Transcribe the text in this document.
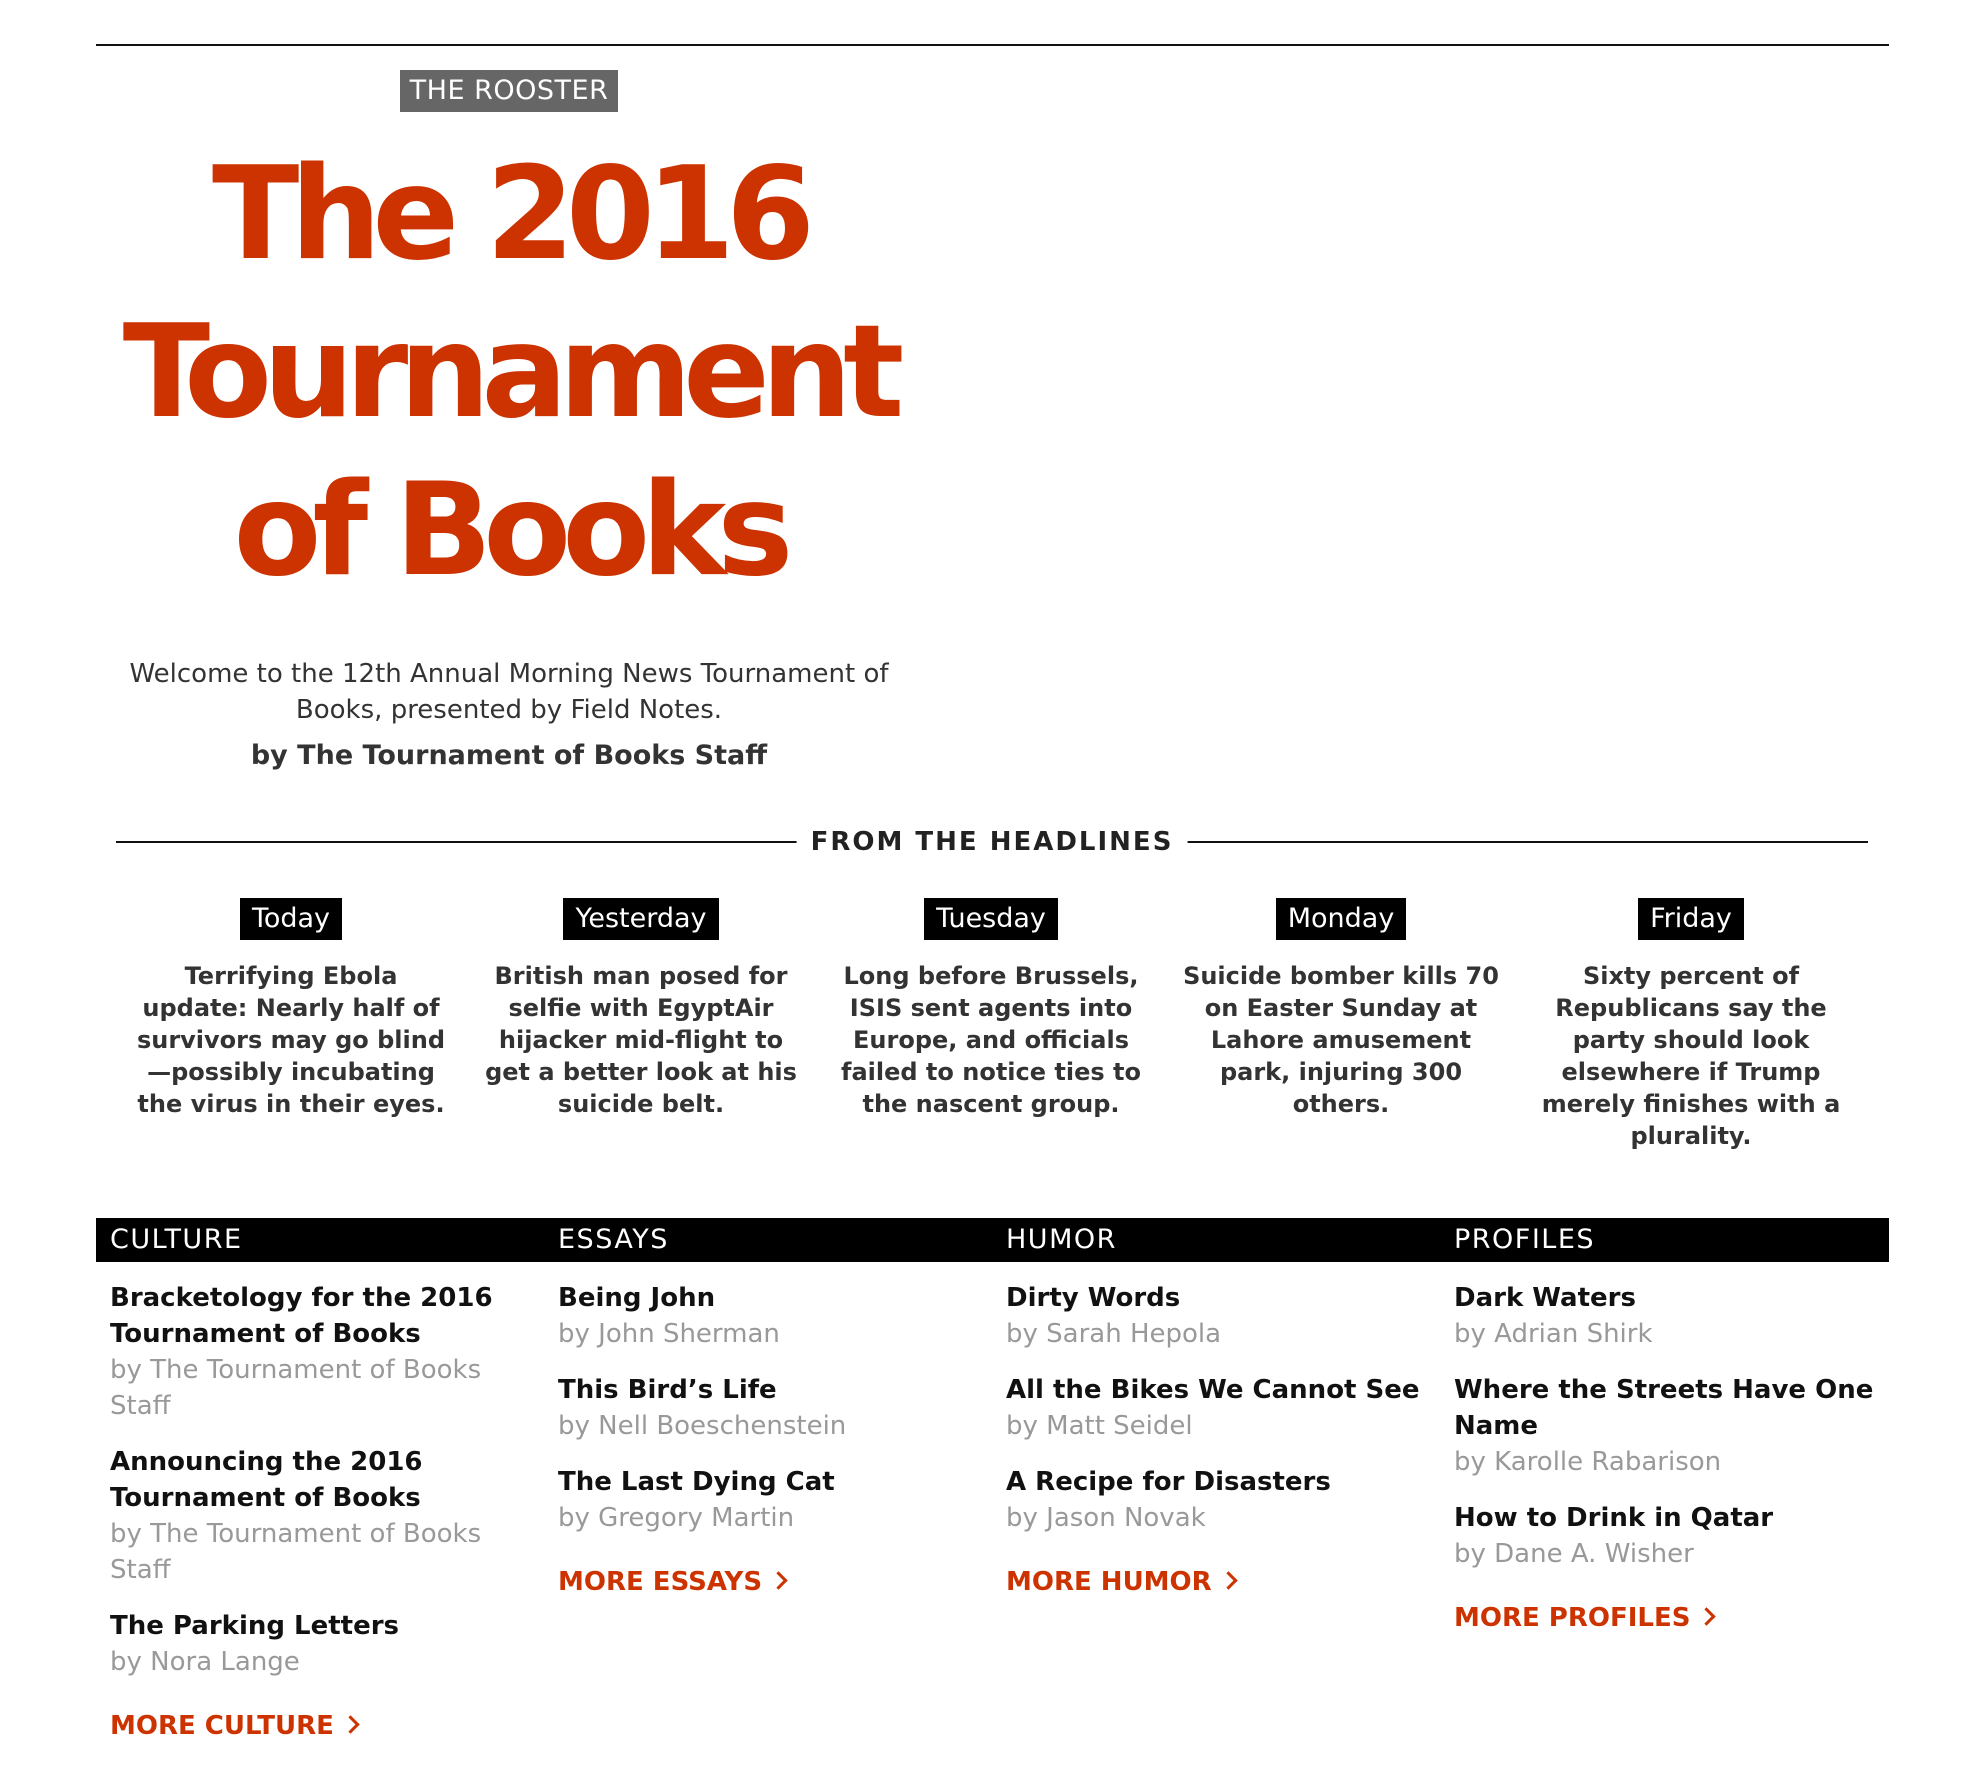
THE ROOSTER
The 2016
Tournament
of Books
Welcome to the 12th Annual Morning News Tournament of Books, presented by Field Notes.
by The Tournament of Books Staff
FROM THE HEADLINES
Today
Terrifying Ebola update: Nearly half of survivors may go blind—possibly incubating the virus in their eyes.
Yesterday
British man posed for selfie with EgyptAir hijacker mid-flight to get a better look at his suicide belt.
Tuesday
Long before Brussels, ISIS sent agents into Europe, and officials failed to notice ties to the nascent group.
Monday
Suicide bomber kills 70 on Easter Sunday at Lahore amusement park, injuring 300 others.
Friday
Sixty percent of Republicans say the party should look elsewhere if Trump merely finishes with a plurality.
CULTURE	ESSAYS	HUMOR	PROFILES
Bracketology for the 2016 Tournament of Books
by The Tournament of Books Staff
Announcing the 2016 Tournament of Books
by The Tournament of Books Staff
The Parking Letters
by Nora Lange
MORE CULTURE
Being John
by John Sherman
This Bird’s Life
by Nell Boeschenstein
The Last Dying Cat
by Gregory Martin
MORE ESSAYS
Dirty Words
by Sarah Hepola
All the Bikes We Cannot See
by Matt Seidel
A Recipe for Disasters
by Jason Novak
MORE HUMOR
Dark Waters
by Adrian Shirk
Where the Streets Have One Name
by Karolle Rabarison
How to Drink in Qatar
by Dane A. Wisher
MORE PROFILES
